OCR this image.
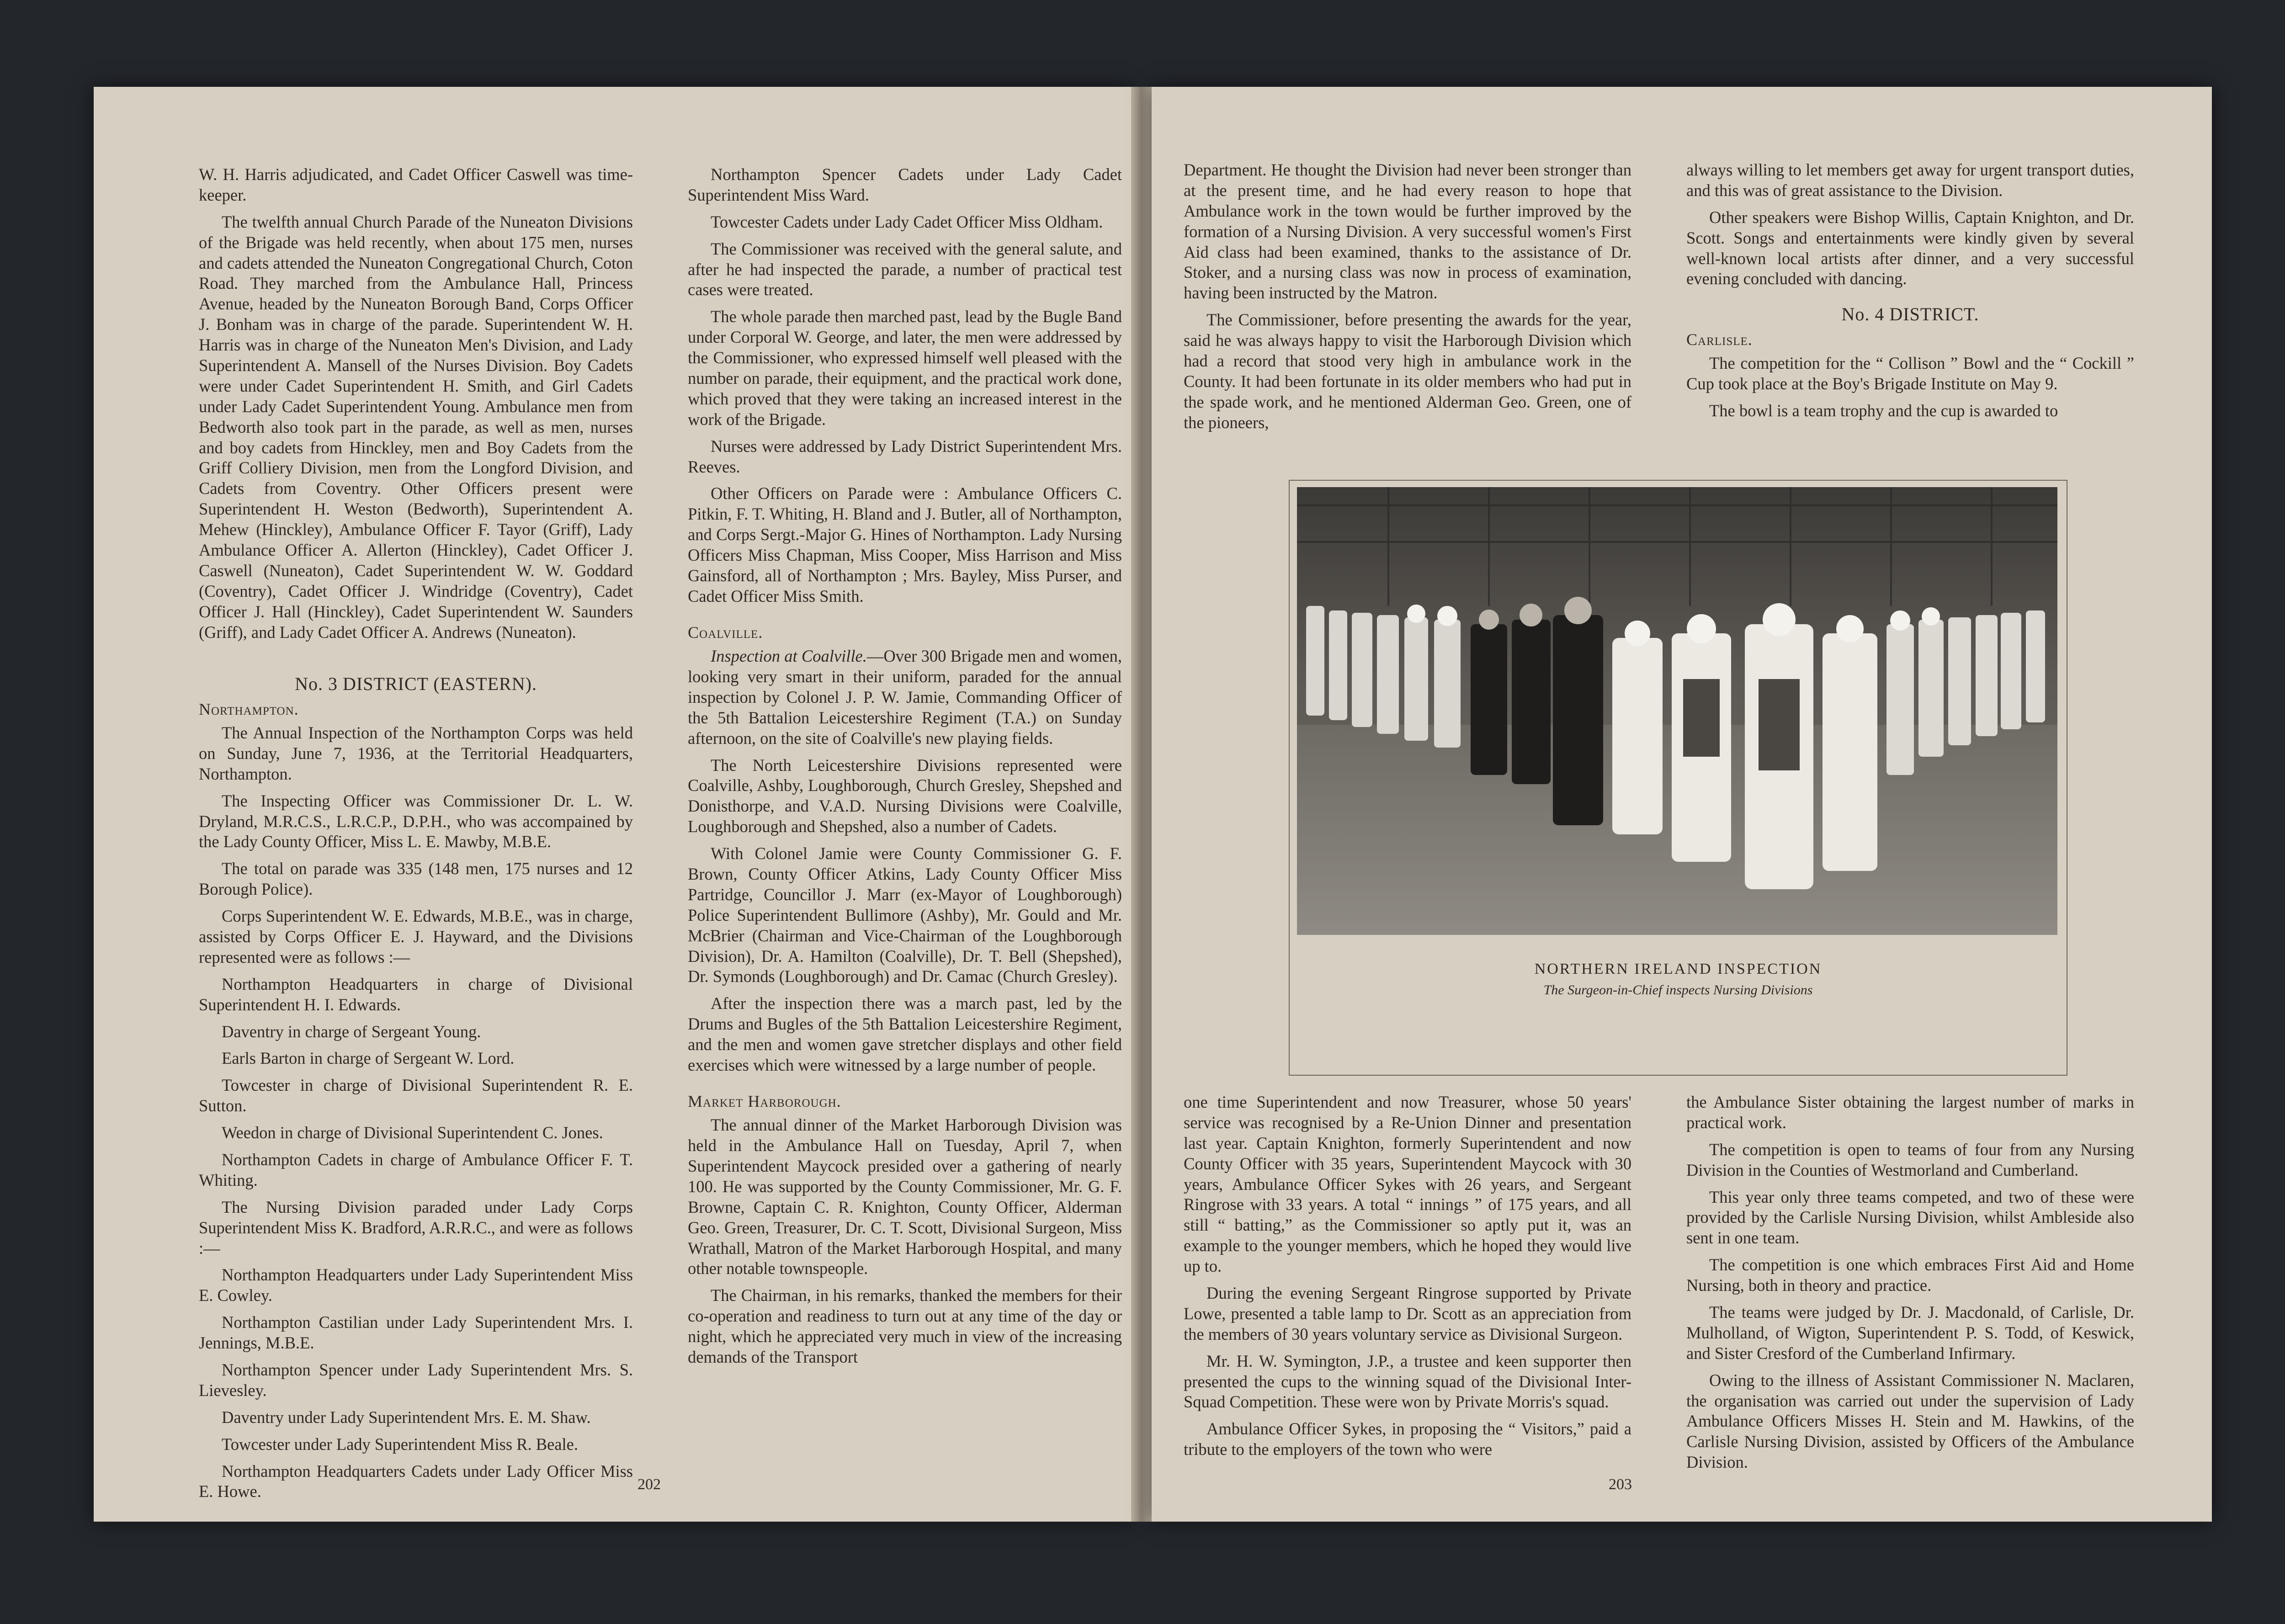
W. H. Harris adjudicated, and Cadet Officer Caswell was time-keeper.

The twelfth annual Church Parade of the Nuneaton Divisions of the Brigade was held recently, when about 175 men, nurses and cadets attended the Nuneaton Congregational Church, Coton Road. They marched from the Ambulance Hall, Princess Avenue, headed by the Nuneaton Borough Band, Corps Officer J. Bonham was in charge of the parade. Superintendent W. H. Harris was in charge of the Nuneaton Men's Division, and Lady Superintendent A. Mansell of the Nurses Division. Boy Cadets were under Cadet Superintendent H. Smith, and Girl Cadets under Lady Cadet Superintendent Young. Ambulance men from Bedworth also took part in the parade, as well as men, nurses and boy cadets from Hinckley, men and Boy Cadets from the Griff Colliery Division, men from the Longford Division, and Cadets from Coventry. Other Officers present were Superintendent H. Weston (Bedworth), Superintendent A. Mehew (Hinckley), Ambulance Officer F. Tayor (Griff), Lady Ambulance Officer A. Allerton (Hinckley), Cadet Officer J. Caswell (Nuneaton), Cadet Superintendent W. W. Goddard (Coventry), Cadet Officer J. Windridge (Coventry), Cadet Officer J. Hall (Hinckley), Cadet Superintendent W. Saunders (Griff), and Lady Cadet Officer A. Andrews (Nuneaton).

No. 3 DISTRICT (EASTERN).
Northampton.

The Annual Inspection of the Northampton Corps was held on Sunday, June 7, 1936, at the Territorial Headquarters, Northampton.

The Inspecting Officer was Commissioner Dr. L. W. Dryland, M.R.C.S., L.R.C.P., D.P.H., who was accompained by the Lady County Officer, Miss L. E. Mawby, M.B.E.

The total on parade was 335 (148 men, 175 nurses and 12 Borough Police).

Corps Superintendent W. E. Edwards, M.B.E., was in charge, assisted by Corps Officer E. J. Hayward, and the Divisions represented were as follows :—

Northampton Headquarters in charge of Divisional Superintendent H. I. Edwards.

Daventry in charge of Sergeant Young.

Earls Barton in charge of Sergeant W. Lord.

Towcester in charge of Divisional Superintendent R. E. Sutton.

Weedon in charge of Divisional Superintendent C. Jones.

Northampton Cadets in charge of Ambulance Officer F. T. Whiting.

The Nursing Division paraded under Lady Corps Superintendent Miss K. Bradford, A.R.R.C., and were as follows :—

Northampton Headquarters under Lady Superintendent Miss E. Cowley.

Northampton Castilian under Lady Superintendent Mrs. I. Jennings, M.B.E.

Northampton Spencer under Lady Superintendent Mrs. S. Lievesley.

Daventry under Lady Superintendent Mrs. E. M. Shaw.

Towcester under Lady Superintendent Miss R. Beale.

Northampton Headquarters Cadets under Lady Officer Miss E. Howe.

Northampton Spencer Cadets under Lady Cadet Superintendent Miss Ward.

Towcester Cadets under Lady Cadet Officer Miss Oldham.

The Commissioner was received with the general salute, and after he had inspected the parade, a number of practical test cases were treated.

The whole parade then marched past, lead by the Bugle Band under Corporal W. George, and later, the men were addressed by the Commissioner, who expressed himself well pleased with the number on parade, their equipment, and the practical work done, which proved that they were taking an increased interest in the work of the Brigade.

Nurses were addressed by Lady District Superintendent Mrs. Reeves.

Other Officers on Parade were : Ambulance Officers C. Pitkin, F. T. Whiting, H. Bland and J. Butler, all of Northampton, and Corps Sergt.-Major G. Hines of Northampton. Lady Nursing Officers Miss Chapman, Miss Cooper, Miss Harrison and Miss Gainsford, all of Northampton ; Mrs. Bayley, Miss Purser, and Cadet Officer Miss Smith.

Coalville.

Inspection at Coalville.—Over 300 Brigade men and women, looking very smart in their uniform, paraded for the annual inspection by Colonel J. P. W. Jamie, Commanding Officer of the 5th Battalion Leicestershire Regiment (T.A.) on Sunday afternoon, on the site of Coalville's new playing fields.

The North Leicestershire Divisions represented were Coalville, Ashby, Loughborough, Church Gresley, Shepshed and Donisthorpe, and V.A.D. Nursing Divisions were Coalville, Loughborough and Shepshed, also a number of Cadets.

With Colonel Jamie were County Commissioner G. F. Brown, County Officer Atkins, Lady County Officer Miss Partridge, Councillor J. Marr (ex-Mayor of Loughborough) Police Superintendent Bullimore (Ashby), Mr. Gould and Mr. McBrier (Chairman and Vice-Chairman of the Loughborough Division), Dr. A. Hamilton (Coalville), Dr. T. Bell (Shepshed), Dr. Symonds (Loughborough) and Dr. Camac (Church Gresley).

After the inspection there was a march past, led by the Drums and Bugles of the 5th Battalion Leicestershire Regiment, and the men and women gave stretcher displays and other field exercises which were witnessed by a large number of people.

Market Harborough.

The annual dinner of the Market Harborough Division was held in the Ambulance Hall on Tuesday, April 7, when Superintendent Maycock presided over a gathering of nearly 100. He was supported by the County Commissioner, Mr. G. F. Browne, Captain C. R. Knighton, County Officer, Alderman Geo. Green, Treasurer, Dr. C. T. Scott, Divisional Surgeon, Miss Wrathall, Matron of the Market Harborough Hospital, and many other notable townspeople.

The Chairman, in his remarks, thanked the members for their co-operation and readiness to turn out at any time of the day or night, which he appreciated very much in view of the increasing demands of the Transport

202

Department. He thought the Division had never been stronger than at the present time, and he had every reason to hope that Ambulance work in the town would be further improved by the formation of a Nursing Division. A very successful women's First Aid class had been examined, thanks to the assistance of Dr. Stoker, and a nursing class was now in process of examination, having been instructed by the Matron.

The Commissioner, before presenting the awards for the year, said he was always happy to visit the Harborough Division which had a record that stood very high in ambulance work in the County. It had been fortunate in its older members who had put in the spade work, and he mentioned Alderman Geo. Green, one of the pioneers,

always willing to let members get away for urgent transport duties, and this was of great assistance to the Division.

Other speakers were Bishop Willis, Captain Knighton, and Dr. Scott. Songs and entertainments were kindly given by several well-known local artists after dinner, and a very successful evening concluded with dancing.

No. 4 DISTRICT.
Carlisle.

The competition for the “ Collison ” Bowl and the “ Cockill ” Cup took place at the Boy's Brigade Institute on May 9.

The bowl is a team trophy and the cup is awarded to

NORTHERN IRELAND INSPECTION
The Surgeon-in-Chief inspects Nursing Divisions

one time Superintendent and now Treasurer, whose 50 years' service was recognised by a Re-Union Dinner and presentation last year. Captain Knighton, formerly Superintendent and now County Officer with 35 years, Superintendent Maycock with 30 years, Ambulance Officer Sykes with 26 years, and Sergeant Ringrose with 33 years. A total “ innings ” of 175 years, and all still “ batting,” as the Commissioner so aptly put it, was an example to the younger members, which he hoped they would live up to.

During the evening Sergeant Ringrose supported by Private Lowe, presented a table lamp to Dr. Scott as an appreciation from the members of 30 years voluntary service as Divisional Surgeon.

Mr. H. W. Symington, J.P., a trustee and keen supporter then presented the cups to the winning squad of the Divisional Inter-Squad Competition. These were won by Private Morris's squad.

Ambulance Officer Sykes, in proposing the “ Visitors,” paid a tribute to the employers of the town who were

the Ambulance Sister obtaining the largest number of marks in practical work.

The competition is open to teams of four from any Nursing Division in the Counties of Westmorland and Cumberland.

This year only three teams competed, and two of these were provided by the Carlisle Nursing Division, whilst Ambleside also sent in one team.

The competition is one which embraces First Aid and Home Nursing, both in theory and practice.

The teams were judged by Dr. J. Macdonald, of Carlisle, Dr. Mulholland, of Wigton, Superintendent P. S. Todd, of Keswick, and Sister Cresford of the Cumberland Infirmary.

Owing to the illness of Assistant Commissioner N. Maclaren, the organisation was carried out under the supervision of Lady Ambulance Officers Misses H. Stein and M. Hawkins, of the Carlisle Nursing Division, assisted by Officers of the Ambulance Division.

203
